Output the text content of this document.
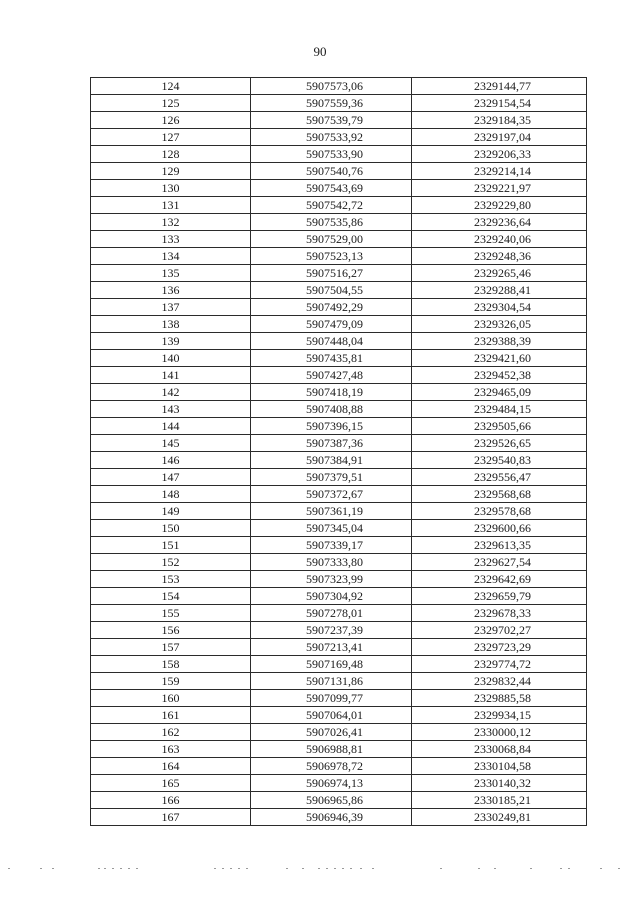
90
124	5907573,06	2329144,77
125	5907559,36	2329154,54
126	5907539,79	2329184,35
127	5907533,92	2329197,04
128	5907533,90	2329206,33
129	5907540,76	2329214,14
130	5907543,69	2329221,97
131	5907542,72	2329229,80
132	5907535,86	2329236,64
133	5907529,00	2329240,06
134	5907523,13	2329248,36
135	5907516,27	2329265,46
136	5907504,55	2329288,41
137	5907492,29	2329304,54
138	5907479,09	2329326,05
139	5907448,04	2329388,39
140	5907435,81	2329421,60
141	5907427,48	2329452,38
142	5907418,19	2329465,09
143	5907408,88	2329484,15
144	5907396,15	2329505,66
145	5907387,36	2329526,65
146	5907384,91	2329540,83
147	5907379,51	2329556,47
148	5907372,67	2329568,68
149	5907361,19	2329578,68
150	5907345,04	2329600,66
151	5907339,17	2329613,35
152	5907333,80	2329627,54
153	5907323,99	2329642,69
154	5907304,92	2329659,79
155	5907278,01	2329678,33
156	5907237,39	2329702,27
157	5907213,41	2329723,29
158	5907169,48	2329774,72
159	5907131,86	2329832,44
160	5907099,77	2329885,58
161	5907064,01	2329934,15
162	5907026,41	2330000,12
163	5906988,81	2330068,84
164	5906978,72	2330104,58
165	5906974,13	2330140,32
166	5906965,86	2330185,21
167	5906946,39	2330249,81
